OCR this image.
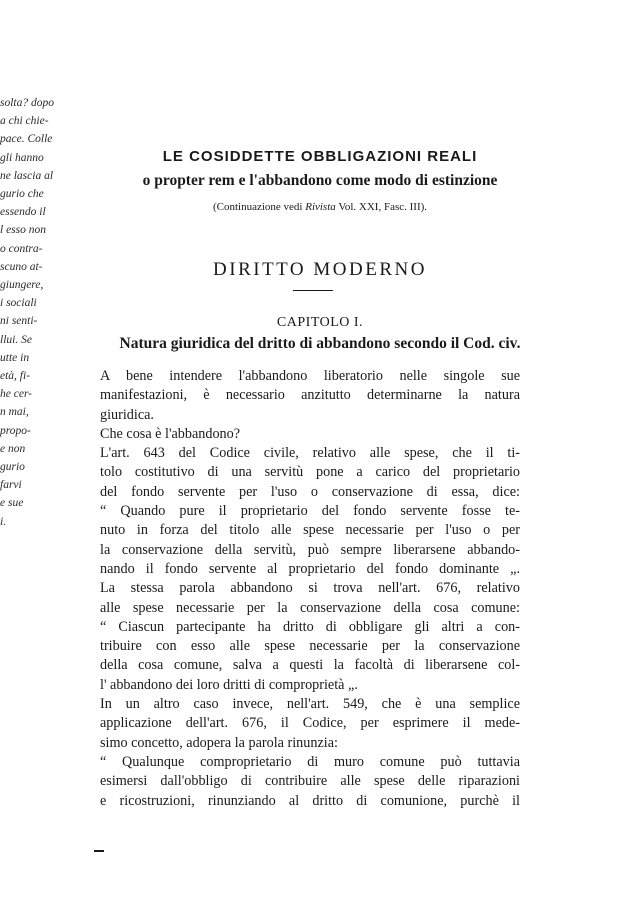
solta? dopo
a chi chie-
pace. Colle
gli hanno
ne lascia al
gurio che
essendo il
l esso non
o contra-
scuno at-
giungere,
i sociali
ni senti-
llui. Se
utte in
età, fi-
he cer-
n mai,
propo-
e non
gurio
farvi
e sue
i.
LE COSIDDETTE OBBLIGAZIONI REALI
o propter rem e l'abbandono come modo di estinzione
(Continuazione vedi Rivista Vol. XXI, Fasc. III).
DIRITTO MODERNO
CAPITOLO I.
Natura giuridica del dritto di abbandono secondo il Cod. civ.
A bene intendere l'abbandono liberatorio nelle singole sue
manifestazioni, è necessario anzitutto determinarne la natura
giuridica.
Che cosa è l'abbandono?
L'art. 643 del Codice civile, relativo alle spese, che il ti-
tolo costitutivo di una servitù pone a carico del proprietario
del fondo servente per l'uso o conservazione di essa, dice:
“ Quando pure il proprietario del fondo servente fosse te-
nuto in forza del titolo alle spese necessarie per l'uso o per
la conservazione della servitù, può sempre liberarsene abbando-
nando il fondo servente al proprietario del fondo dominante „.
La stessa parola abbandono si trova nell'art. 676, relativo
alle spese necessarie per la conservazione della cosa comune:
“ Ciascun partecipante ha dritto di obbligare gli altri a con-
tribuire con esso alle spese necessarie per la conservazione
della cosa comune, salva a questi la facoltà di liberarsene col-
l' abbandono dei loro dritti di comproprietà „.
In un altro caso invece, nell'art. 549, che è una semplice
applicazione dell'art. 676, il Codice, per esprimere il mede-
simo concetto, adopera la parola rinunzia:
“ Qualunque comproprietario di muro comune può tuttavia
esimersi dall'obbligo di contribuire alle spese delle riparazioni
e ricostruzioni, rinunziando al dritto di comunione, purchè il
